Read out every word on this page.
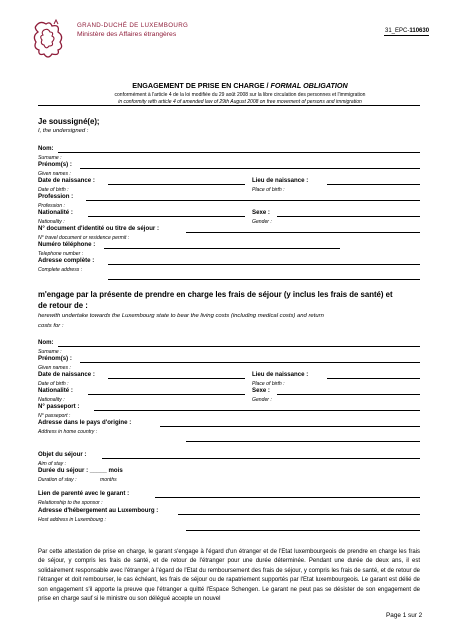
GRAND-DUCHÉ DE LUXEMBOURG
Ministère des Affaires étrangères	31_EPC-110630
ENGAGEMENT DE PRISE EN CHARGE / FORMAL OBLIGATION
conformément à l'article 4 de la loi modifiée du 29 août 2008 sur la libre circulation des personnes et l'immigration
in conformity with article 4 of amended law of 29th August 2008 on free movement of persons and immigration
Je soussigné(e);
I, the undersigned :
Nom:
Surname :
Prénom(s) :
Given names :
Date de naissance :	Lieu de naissance :
Date of birth :	Place of birth :
Profession :
Profession :
Nationalité :	Sexe :
Nationality :	Gender :
N° document d'identité ou titre de séjour :
N° travel document or residence permit :
Numéro téléphone :
Telephone number :
Adresse complète :
Complete address :
m'engage par la présente de prendre en charge les frais de séjour (y inclus les frais de santé) et
de retour de :
herewith undertake towards the Luxembourg state to bear the living costs (including medical costs) and return
costs for :
Nom:
Surname :
Prénom(s) :
Given names :
Date de naissance :	Lieu de naissance :
Date of birth :	Place of birth :
Nationalité :	Sexe :
Nationality :	Gender :
N° passeport :
N° passeport :
Adresse dans le pays d'origine :
Address in home country :
Objet du séjour :
Aim of stay :
Durée du séjour : _____ mois
Duration of stay :	months
Lien de parenté avec le garant :
Relationship to the sponsor :
Adresse d'hébergement au Luxembourg :
Host address in Luxembourg :
Par cette attestation de prise en charge, le garant s'engage à l'égard d'un étranger et de l'Etat luxembourgeois de prendre en charge les frais de séjour, y compris les frais de santé, et de retour de l'étranger pour une durée déterminée. Pendant une durée de deux ans, il est solidairement responsable avec l'étranger à l'égard de l'Etat du remboursement des frais de séjour, y compris les frais de santé, et de retour de l'étranger et doit rembourser, le cas échéant, les frais de séjour ou de rapatriement supportés par l'Etat luxembourgeois. Le garant est délié de son engagement s'il apporte la preuve que l'étranger a quitté l'Espace Schengen. Le garant ne peut pas se désister de son engagement de prise en charge sauf si le ministre ou son délégué accepte un nouvel
Page 1 sur 2
